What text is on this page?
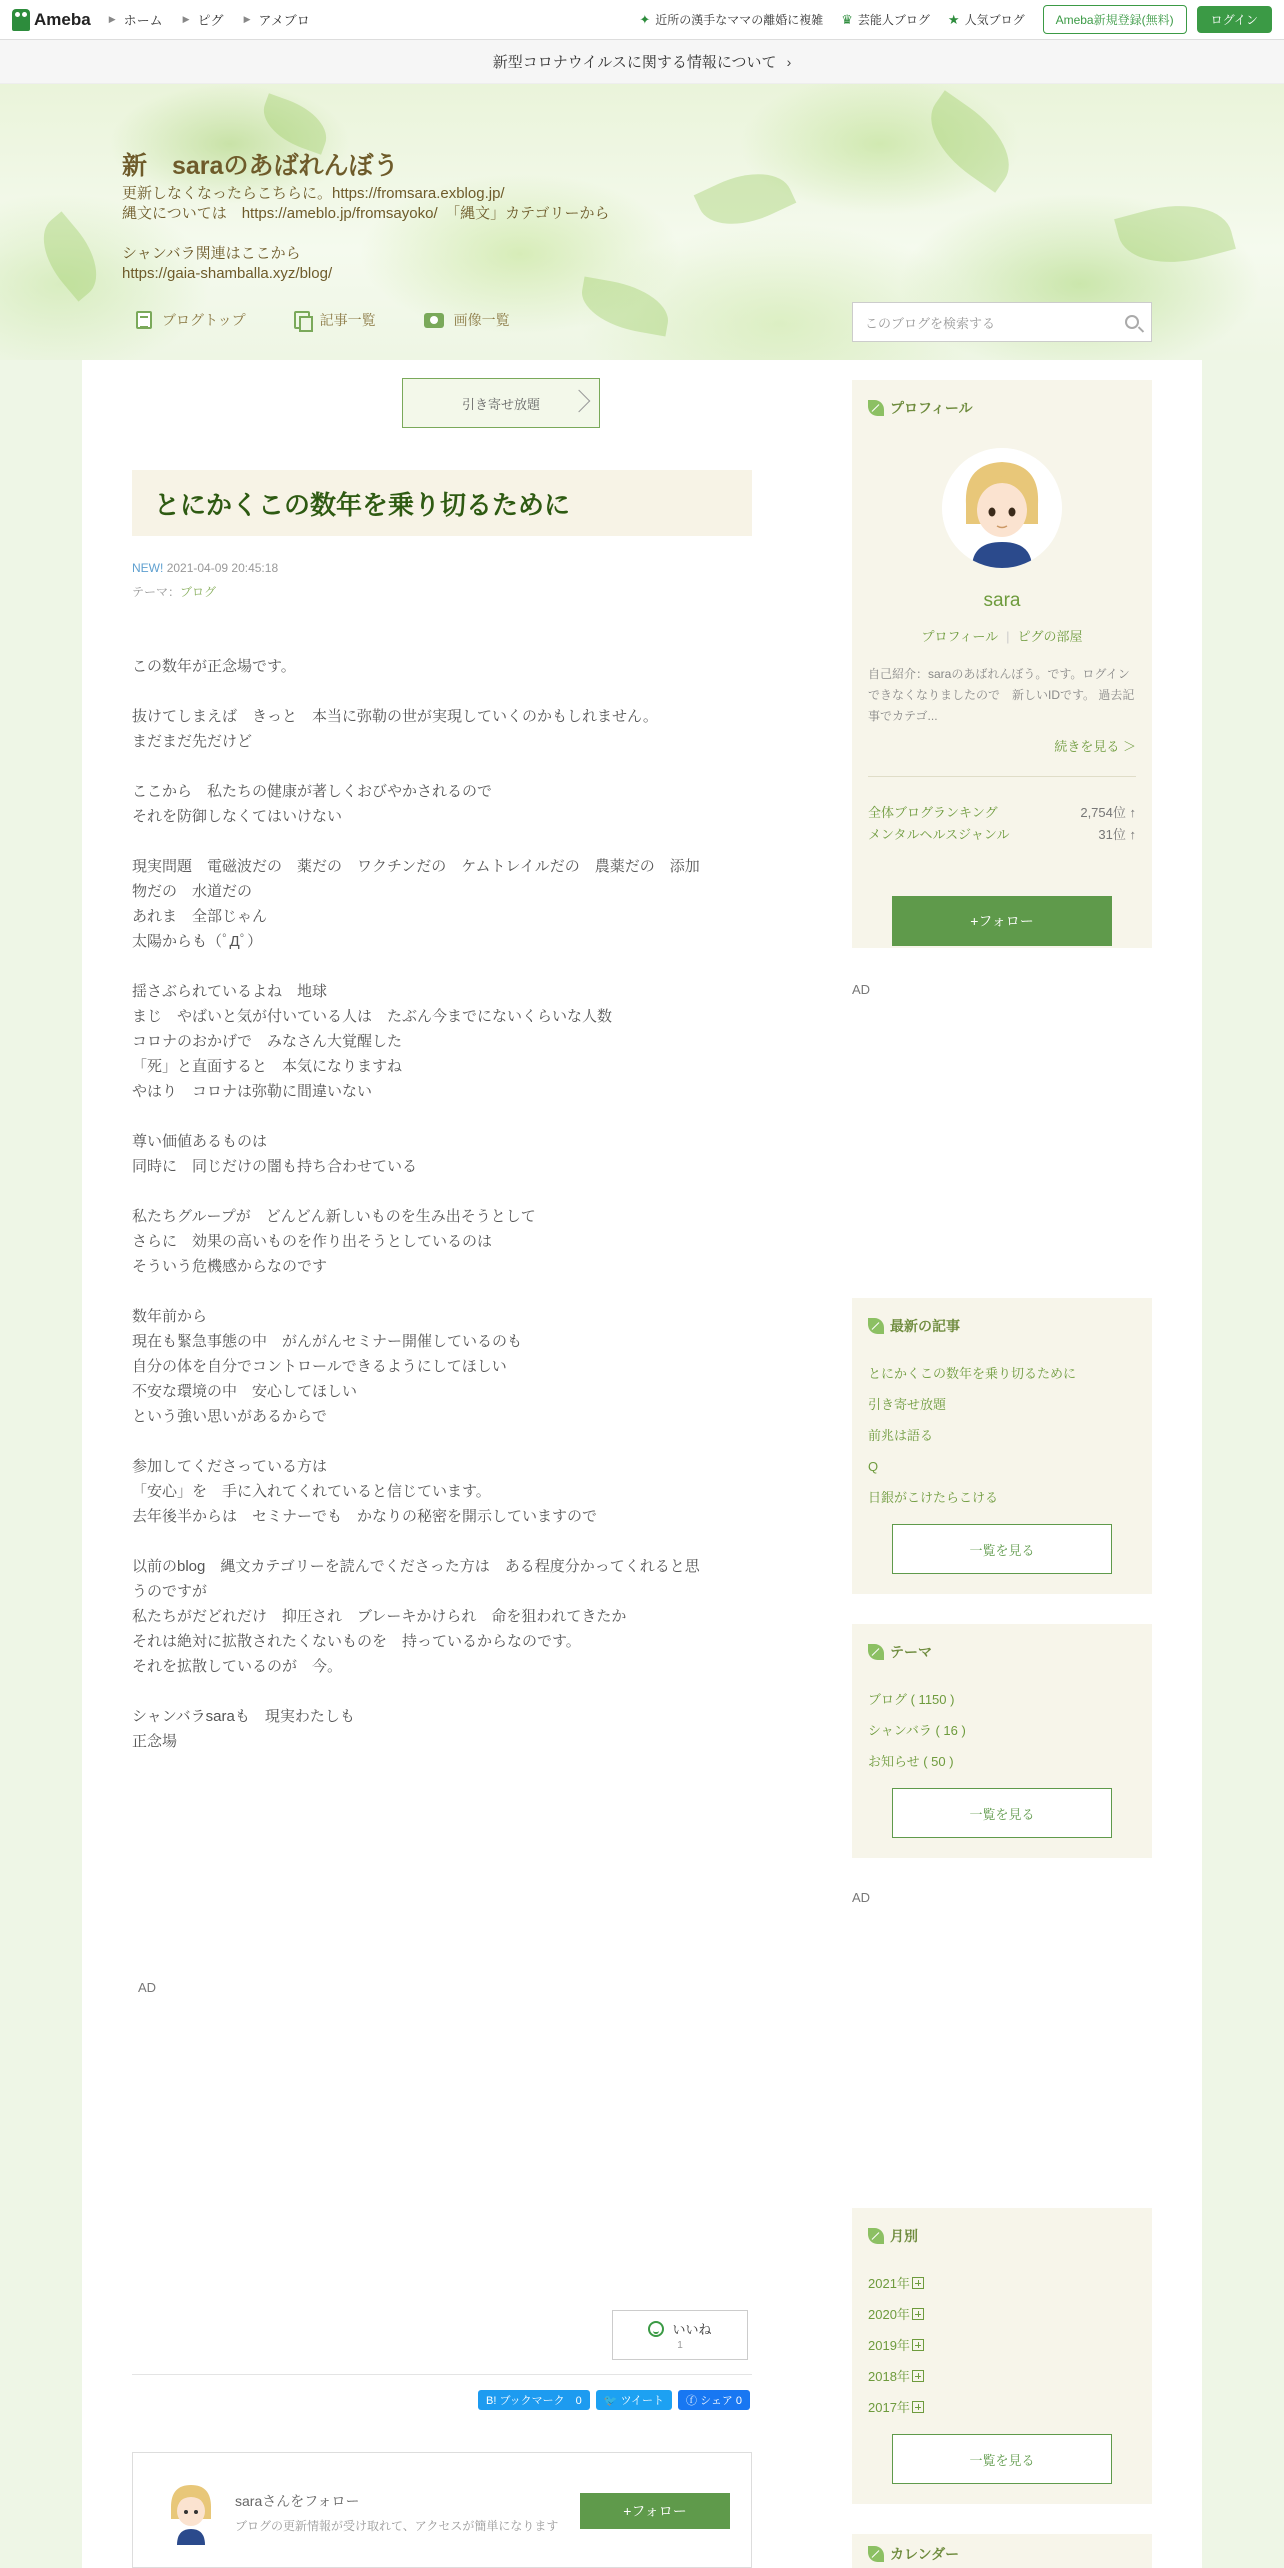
Ameba ▶ ホーム ▶ ピグ ▶ アメブロ	✦ 近所の漢手なママの離婚に複雑 ♛ 芸能人ブログ ★ 人気ブログ	Ameba新規登録(無料)	ログイン
新型コロナウイルスに関する情報について ›
新　saraのあばれんぼう
更新しなくなったらこちらに。https://fromsara.exblog.jp/
縄文については　https://ameblo.jp/fromsayoko/　「縄文」カテゴリーから
シャンバラ関連はここから
https://gaia-shamballa.xyz/blog/
ブログトップ	記事一覧	画像一覧	このブログを検索する
引き寄せ放題
とにかくこの数年を乗り切るために
NEW! 2021-04-09 20:45:18
テーマ：ブログ
この数年が正念場です。
抜けてしまえば　きっと　本当に弥勒の世が実現していくのかもしれません。
まだまだ先だけど
ここから　私たちの健康が著しくおびやかされるので
それを防御しなくてはいけない
現実問題　電磁波だの　薬だの　ワクチンだの　ケムトレイルだの　農薬だの　添加
物だの　水道だの
あれま　全部じゃん
太陽からも（ﾟДﾟ）
揺さぶられているよね　地球
まじ　やばいと気が付いている人は　たぶん今までにないくらいな人数
コロナのおかげで　みなさん大覚醒した
「死」と直面すると　本気になりますね
やはり　コロナは弥勒に間違いない
尊い価値あるものは
同時に　同じだけの闇も持ち合わせている
私たちグループが　どんどん新しいものを生み出そうとして
さらに　効果の高いものを作り出そうとしているのは
そういう危機感からなのです
数年前から
現在も緊急事態の中　がんがんセミナー開催しているのも
自分の体を自分でコントロールできるようにしてほしい
不安な環境の中　安心してほしい
という強い思いがあるからで
参加してくださっている方は
「安心」を　手に入れてくれていると信じています。
去年後半からは　セミナーでも　かなりの秘密を開示していますので
以前のblog　縄文カテゴリーを読んでくださった方は　ある程度分かってくれると思
うのですが
私たちがだどれだけ　抑圧され　ブレーキかけられ　命を狙われてきたか
それは絶対に拡散されたくないものを　持っているからなのです。
それを拡散しているのが　今。
シャンバラsaraも　現実わたしも
正念場
AD
いいね
1
B! ブックマーク　0	🐦
ツイート ⓕ
シェア 0
saraさんをフォロー
ブログの更新情報が受け取れて、アクセスが簡単になります
+フォロー
プロフィール
sara
プロフィール | ピグの部屋
自己紹介：saraのあばれんぼう。です。ログインできなくなりましたので　新しいIDです。 過去記事でカテゴ...
続きを見る ＞
全体ブログランキング	2,754位 ↑
メンタルヘルスジャンル	31位 ↑
+フォロー
AD
最新の記事
とにかくこの数年を乗り切るために
引き寄せ放題
前兆は語る
Q
日銀がこけたらこける
一覧を見る
テーマ
ブログ ( 1150 )
シャンバラ ( 16 )
お知らせ ( 50 )
一覧を見る
AD
月別
2021年
2020年
2019年
2018年
2017年
一覧を見る
カレンダー
